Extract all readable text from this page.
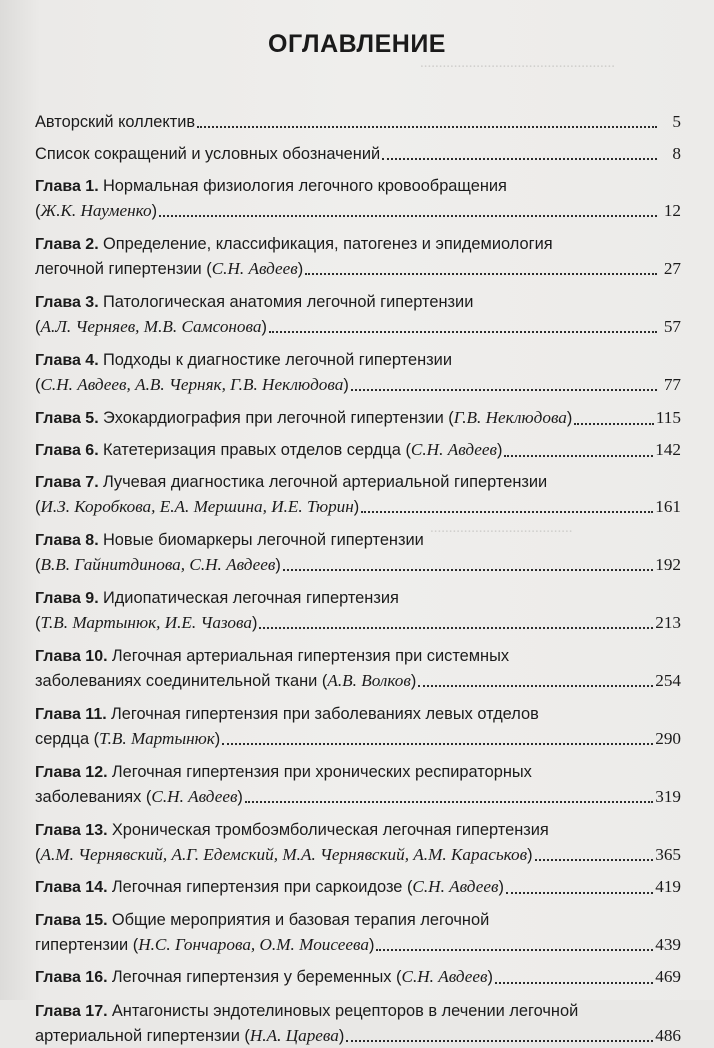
....................................................
......................................
ОГЛАВЛЕНИЕ
Авторский коллектив	5
Список сокращений и условных обозначений	8
Глава 1. Нормальная физиология легочного кровообращения
(Ж.К. Науменко)	12
Глава 2. Определение, классификация, патогенез и эпидемиология
легочной гипертензии (С.Н. Авдеев)	27
Глава 3. Патологическая анатомия легочной гипертензии
(А.Л. Черняев, М.В. Самсонова)	57
Глава 4. Подходы к диагностике легочной гипертензии
(С.Н. Авдеев, А.В. Черняк, Г.В. Неклюдова)	77
Глава 5. Эхокардиография при легочной гипертензии (Г.В. Неклюдова)	115
Глава 6. Катетеризация правых отделов сердца (С.Н. Авдеев)	142
Глава 7. Лучевая диагностика легочной артериальной гипертензии
(И.З. Коробкова, Е.А. Мершина, И.Е. Тюрин)	161
Глава 8. Новые биомаркеры легочной гипертензии
(В.В. Гайнитдинова, С.Н. Авдеев)	192
Глава 9. Идиопатическая легочная гипертензия
(Т.В. Мартынюк, И.Е. Чазова)	213
Глава 10. Легочная артериальная гипертензия при системных
заболеваниях соединительной ткани (А.В. Волков)	254
Глава 11. Легочная гипертензия при заболеваниях левых отделов
сердца (Т.В. Мартынюк)	290
Глава 12. Легочная гипертензия при хронических респираторных
заболеваниях (С.Н. Авдеев)	319
Глава 13. Хроническая тромбоэмболическая легочная гипертензия
(А.М. Чернявский, А.Г. Едемский, М.А. Чернявский, А.М. Караськов)	365
Глава 14. Легочная гипертензия при саркоидозе (С.Н. Авдеев)	419
Глава 15. Общие мероприятия и базовая терапия легочной
гипертензии (Н.С. Гончарова, О.М. Моисеева)	439
Глава 16. Легочная гипертензия у беременных (С.Н. Авдеев)	469
Глава 17. Антагонисты эндотелиновых рецепторов в лечении легочной
артериальной гипертензии (Н.А. Царева)	486
